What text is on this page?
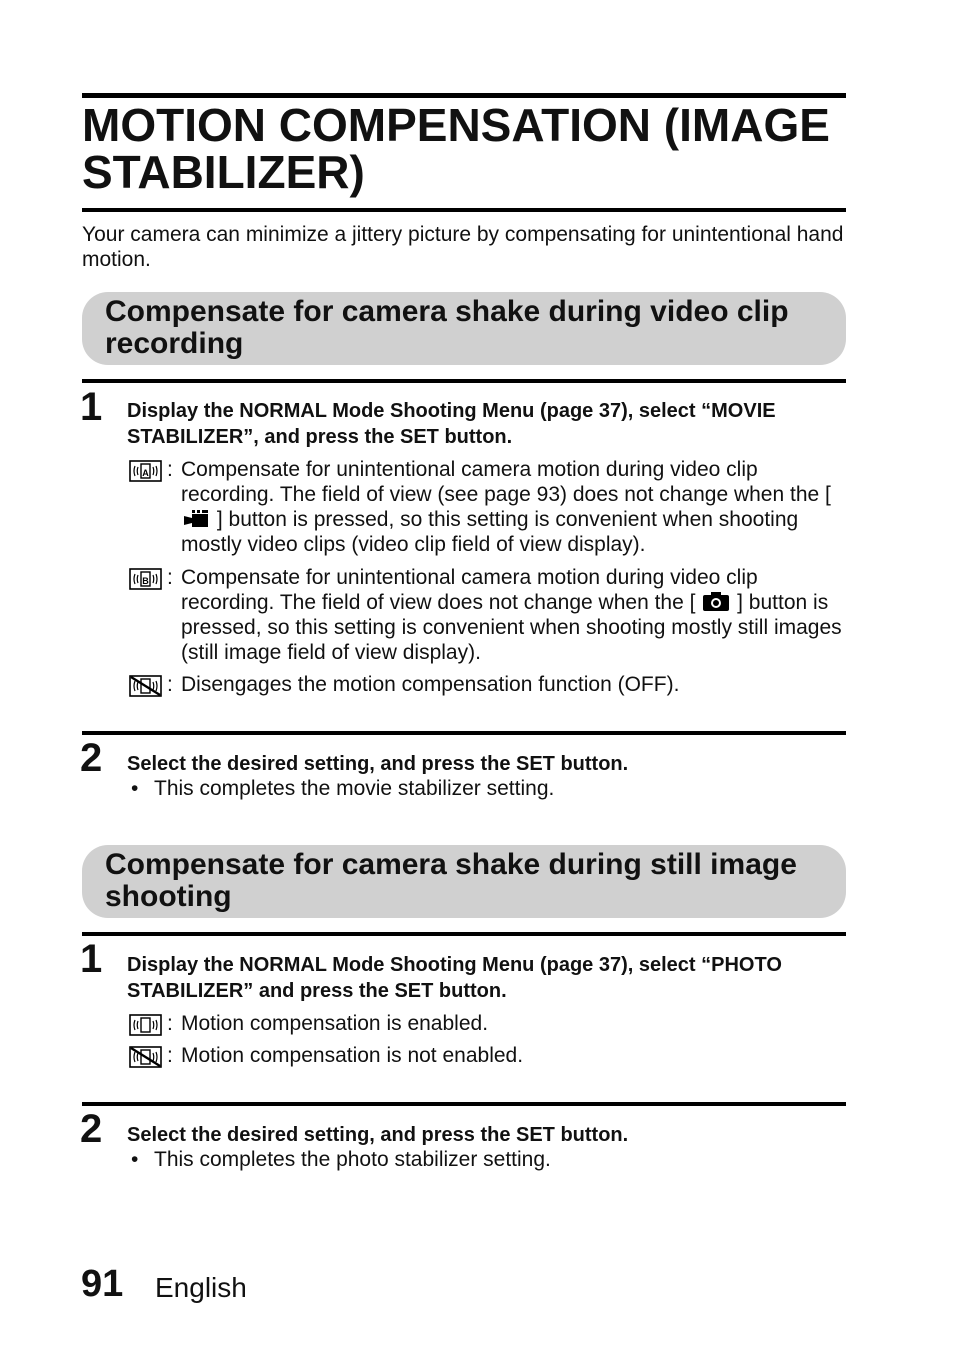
MOTION COMPENSATION (IMAGE STABILIZER)

Your camera can minimize a jittery picture by compensating for unintentional hand motion.

Compensate for camera shake during video clip recording
1 Display the NORMAL Mode Shooting Menu (page 37), select “MOVIE STABILIZER”, and press the SET button.

A : Compensate for unintentional camera motion during video clip recording. The field of view (see page 93) does not change when the [  ] button is pressed, so this setting is convenient when shooting mostly video clips (video clip field of view display).

B : Compensate for unintentional camera motion during video clip recording. The field of view does not change when the [ ] button is pressed, so this setting is convenient when shooting mostly still images (still image field of view display).

: Disengages the motion compensation function (OFF).

2 Select the desired setting, and press the SET button.

• This completes the movie stabilizer setting.
Compensate for camera shake during still image shooting
1 Display the NORMAL Mode Shooting Menu (page 37), select “PHOTO STABILIZER” and press the SET button.

: Motion compensation is enabled.

: Motion compensation is not enabled.

2 Select the desired setting, and press the SET button.

• This completes the photo stabilizer setting.
91 English
